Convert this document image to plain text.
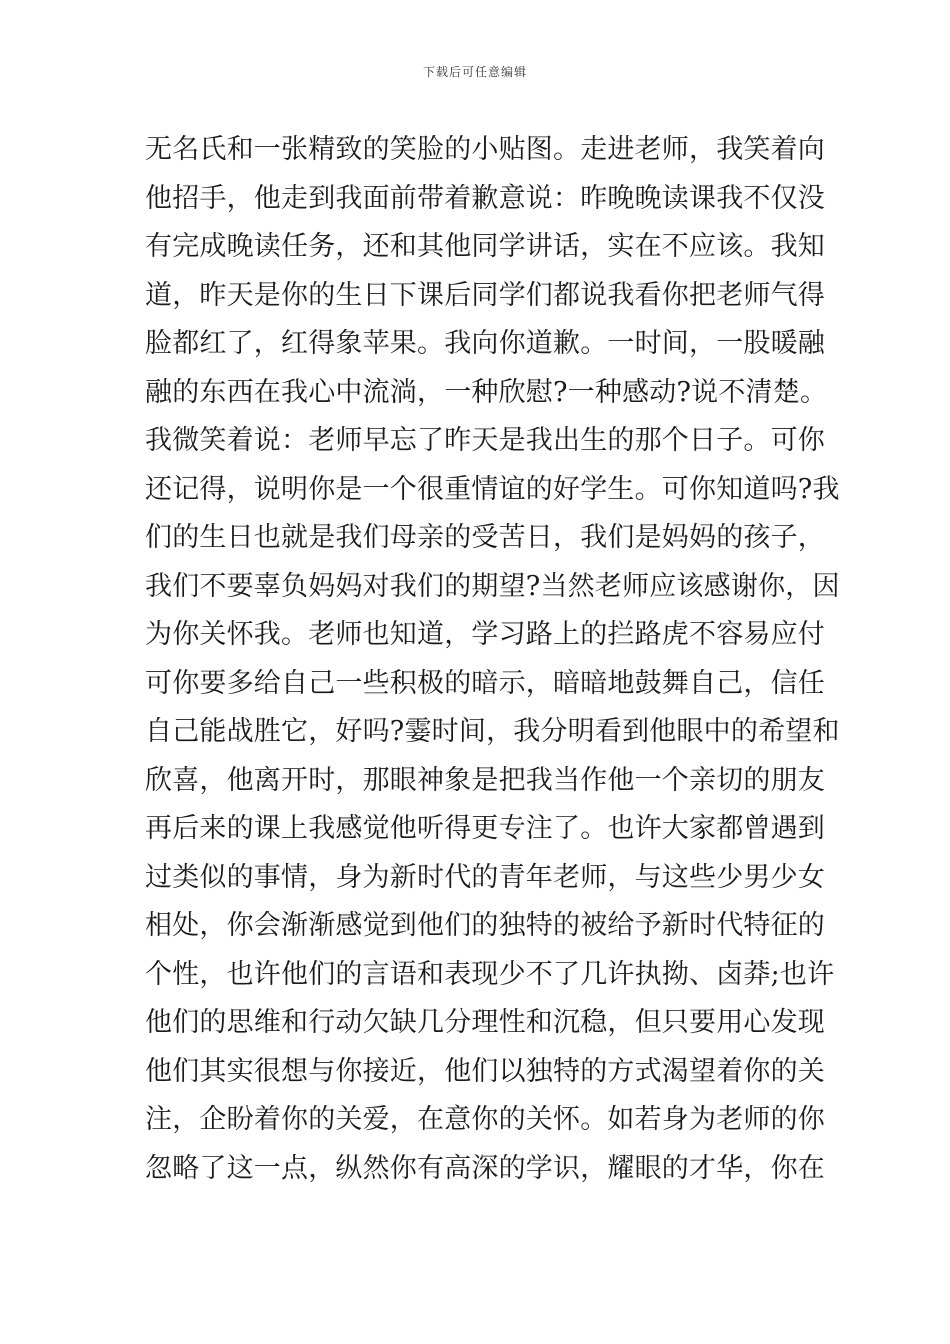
下载后可任意编辑
无名氏和一张精致的笑脸的小贴图。走进老师，我笑着向
他招手，他走到我面前带着歉意说：昨晚晚读课我不仅没
有完成晚读任务，还和其他同学讲话，实在不应该。我知
道，昨天是你的生日下课后同学们都说我看你把老师气得
脸都红了，红得象苹果。我向你道歉。一时间，一股暖融
融的东西在我心中流淌，一种欣慰?一种感动?说不清楚。
我微笑着说：老师早忘了昨天是我出生的那个日子。可你
还记得，说明你是一个很重情谊的好学生。可你知道吗?我
们的生日也就是我们母亲的受苦日，我们是妈妈的孩子，
我们不要辜负妈妈对我们的期望?当然老师应该感谢你，因
为你关怀我。老师也知道，学习路上的拦路虎不容易应付
可你要多给自己一些积极的暗示，暗暗地鼓舞自己，信任
自己能战胜它，好吗?霎时间，我分明看到他眼中的希望和
欣喜，他离开时，那眼神象是把我当作他一个亲切的朋友
再后来的课上我感觉他听得更专注了。也许大家都曾遇到
过类似的事情，身为新时代的青年老师，与这些少男少女
相处，你会渐渐感觉到他们的独特的被给予新时代特征的
个性，也许他们的言语和表现少不了几许执拗、卤莽;也许
他们的思维和行动欠缺几分理性和沉稳，但只要用心发现
他们其实很想与你接近，他们以独特的方式渴望着你的关
注，企盼着你的关爱，在意你的关怀。如若身为老师的你
忽略了这一点，纵然你有高深的学识，耀眼的才华，你在
